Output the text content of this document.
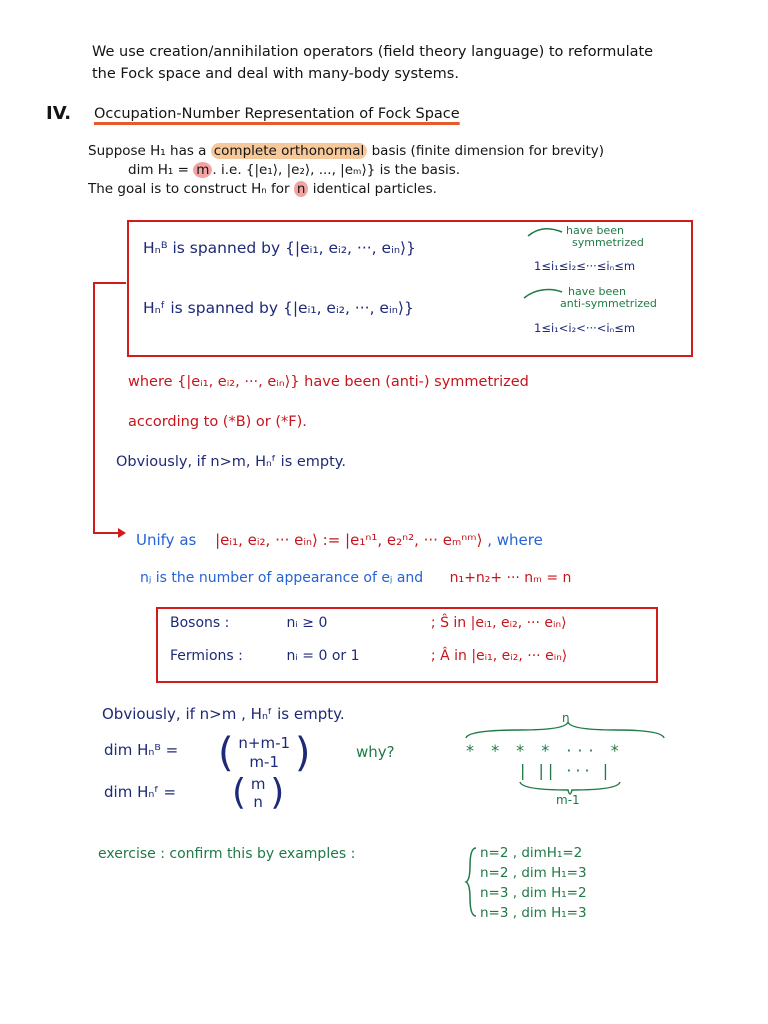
We use creation/annihilation operators (field theory language) to reformulate
the Fock space and deal with many-body systems.
IV. Occupation-Number Representation of Fock Space
Suppose H₁ has a complete orthonormal basis (finite dimension for brevity)
dim H₁ = m . i.e. {|e₁⟩, |e₂⟩, ..., |eₘ⟩} is the basis.
The goal is to construct Hₙ for n identical particles.
Hₙᴮ is spanned by {|eᵢ₁, eᵢ₂, ···, eᵢₙ⟩}
have been
symmetrized
1≤i₁≤i₂≤···≤iₙ≤m
Hₙᶠ is spanned by {|eᵢ₁, eᵢ₂, ···, eᵢₙ⟩}
have been
anti-symmetrized
1≤i₁<i₂<···<iₙ≤m
where {|eᵢ₁, eᵢ₂, ···, eᵢₙ⟩} have been (anti-) symmetrized
according to (*B) or (*F).
Obviously, if n>m, Hₙᶠ is empty.
Unify as |eᵢ₁, eᵢ₂, ··· eᵢₙ⟩ := |e₁ⁿ¹, e₂ⁿ², ··· eₘⁿᵐ⟩ , where
nⱼ is the number of appearance of eⱼ and n₁+n₂+ ··· nₘ = n
Bosons :	nᵢ ≥ 0	; Ŝ in |eᵢ₁, eᵢ₂, ··· eᵢₙ⟩
Fermions :	nᵢ = 0 or 1	; Â in |eᵢ₁, eᵢ₂, ··· eᵢₙ⟩
Obviously, if n>m , Hₙᶠ is empty.
dim Hₙᴮ = ( n+m-1
m-1 )	why?
n
* * * * ··· *
| || ··· |
m-1
dim Hₙᶠ = ( m
n )
exercise : confirm this by examples :	n=2 , dimH₁=2
n=2 , dim H₁=3
n=3 , dim H₁=2
n=3 , dim H₁=3
